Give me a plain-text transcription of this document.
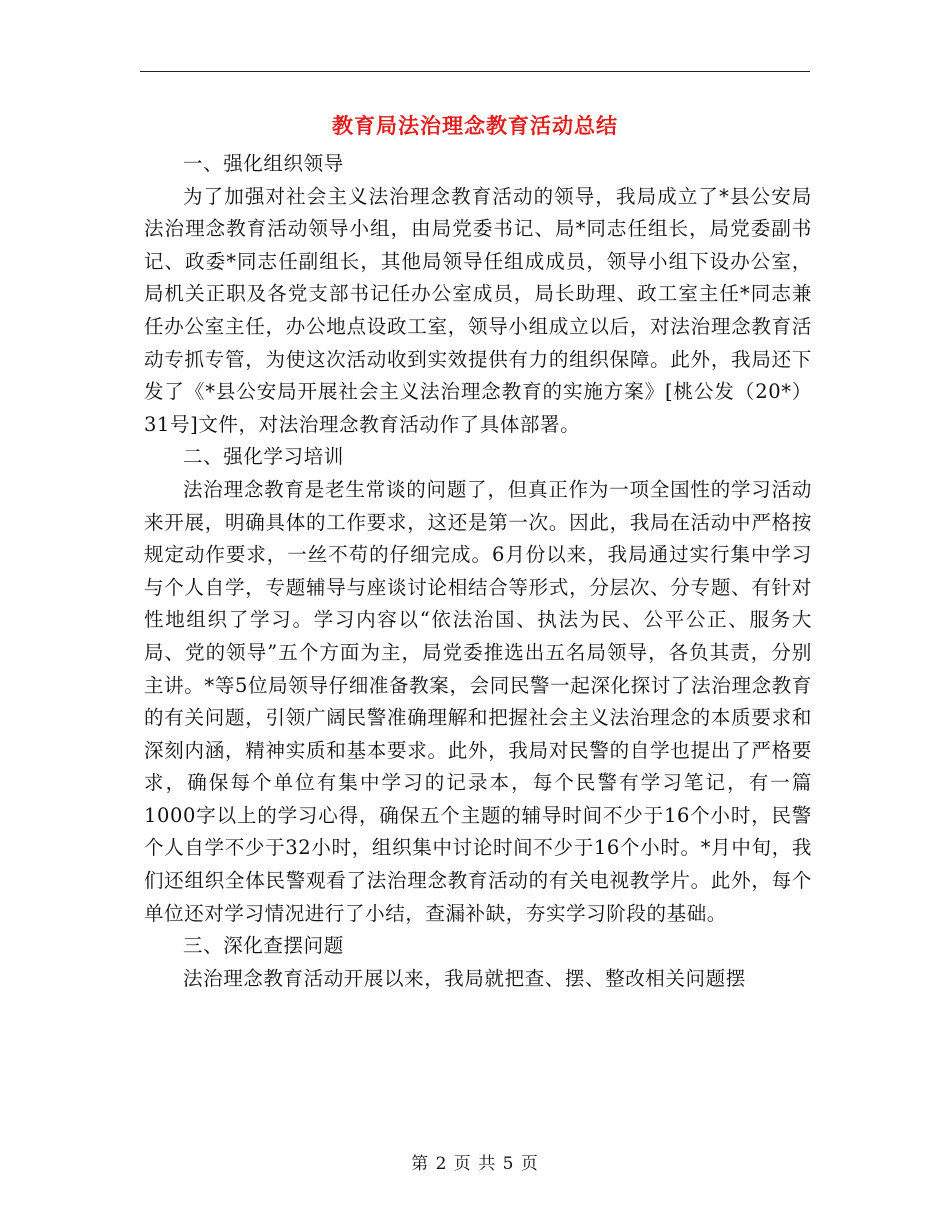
教育局法治理念教育活动总结

一、强化组织领导

为了加强对社会主义法治理念教育活动的领导，我局成立了*县公安局法治理念教育活动领导小组，由局党委书记、局*同志任组长，局党委副书记、政委*同志任副组长，其他局领导任组成成员，领导小组下设办公室，局机关正职及各党支部书记任办公室成员，局长助理、政工室主任*同志兼任办公室主任，办公地点设政工室，领导小组成立以后，对法治理念教育活动专抓专管，为使这次活动收到实效提供有力的组织保障。此外，我局还下发了《*县公安局开展社会主义法治理念教育的实施方案》[桃公发（20*）31号]文件，对法治理念教育活动作了具体部署。

二、强化学习培训

法治理念教育是老生常谈的问题了，但真正作为一项全国性的学习活动来开展，明确具体的工作要求，这还是第一次。因此，我局在活动中严格按规定动作要求，一丝不苟的仔细完成。6月份以来，我局通过实行集中学习与个人自学，专题辅导与座谈讨论相结合等形式，分层次、分专题、有针对性地组织了学习。学习内容以“依法治国、执法为民、公平公正、服务大局、党的领导”五个方面为主，局党委推选出五名局领导，各负其责，分别主讲。*等5位局领导仔细准备教案，会同民警一起深化探讨了法治理念教育的有关问题，引领广阔民警准确理解和把握社会主义法治理念的本质要求和深刻内涵，精神实质和基本要求。此外，我局对民警的自学也提出了严格要求，确保每个单位有集中学习的记录本，每个民警有学习笔记，有一篇1000字以上的学习心得，确保五个主题的辅导时间不少于16个小时，民警个人自学不少于32小时，组织集中讨论时间不少于16个小时。*月中旬，我们还组织全体民警观看了法治理念教育活动的有关电视教学片。此外，每个单位还对学习情况进行了小结，查漏补缺，夯实学习阶段的基础。

三、深化查摆问题

法治理念教育活动开展以来，我局就把查、摆、整改相关问题摆

第 2 页 共 5 页
